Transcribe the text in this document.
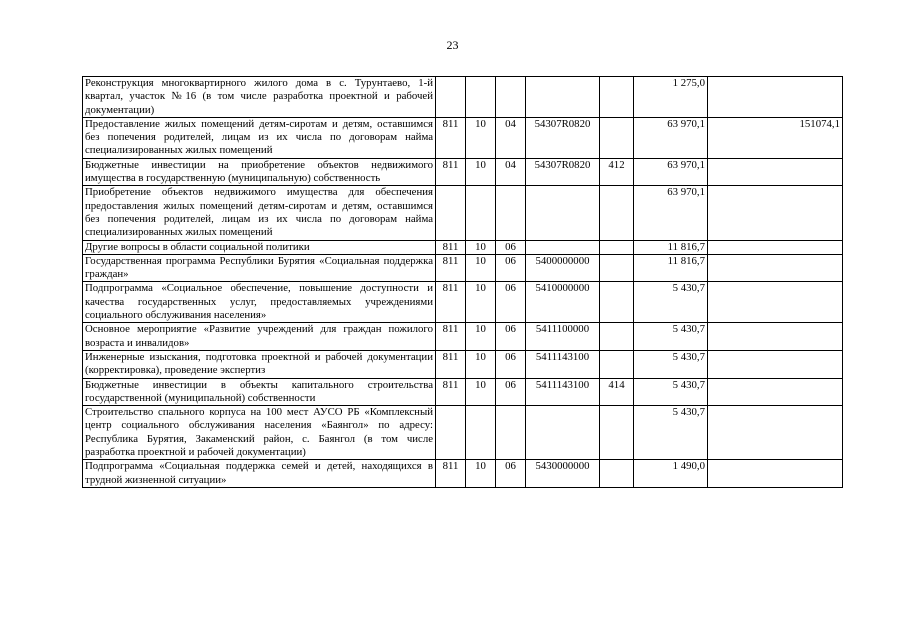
23
Реконструкция многоквартирного жилого дома в с. Турунтаево, 1-й квартал, участок №16 (в том числе разработка проектной и рабочей документации)						1 275,0	
Предоставление жилых помещений детям-сиротам и детям, оставшимся без попечения родителей, лицам из их числа по договорам найма специализированных жилых помещений	811	10	04	54307R0820		63 970,1	151074,1
Бюджетные инвестиции на приобретение объектов недвижимого имущества в государственную (муниципальную) собственность	811	10	04	54307R0820	412	63 970,1	
Приобретение объектов недвижимого имущества для обеспечения предоставления жилых помещений детям-сиротам и детям, оставшимся без попечения родителей, лицам из их числа по договорам найма специализированных жилых помещений						63 970,1	
Другие вопросы в области социальной политики	811	10	06			11 816,7	
Государственная программа Республики Бурятия «Социальная поддержка граждан»	811	10	06	5400000000		11 816,7	
Подпрограмма «Социальное обеспечение, повышение доступности и качества государственных услуг, предоставляемых учреждениями социального обслуживания населения»	811	10	06	5410000000		5 430,7	
Основное мероприятие «Развитие учреждений для граждан пожилого возраста и инвалидов»	811	10	06	5411100000		5 430,7	
Инженерные изыскания, подготовка проектной и рабочей документации (корректировка), проведение экспертиз	811	10	06	5411143100		5 430,7	
Бюджетные инвестиции в объекты капитального строительства государственной (муниципальной) собственности	811	10	06	5411143100	414	5 430,7	
Строительство спального корпуса на 100 мест АУСО РБ «Комплексный центр социального обслуживания населения «Баянгол» по адресу: Республика Бурятия, Закаменский район, с. Баянгол (в том числе разработка проектной и рабочей документации)						5 430,7	
Подпрограмма «Социальная поддержка семей и детей, находящихся в трудной жизненной ситуации»	811	10	06	5430000000		1 490,0	
